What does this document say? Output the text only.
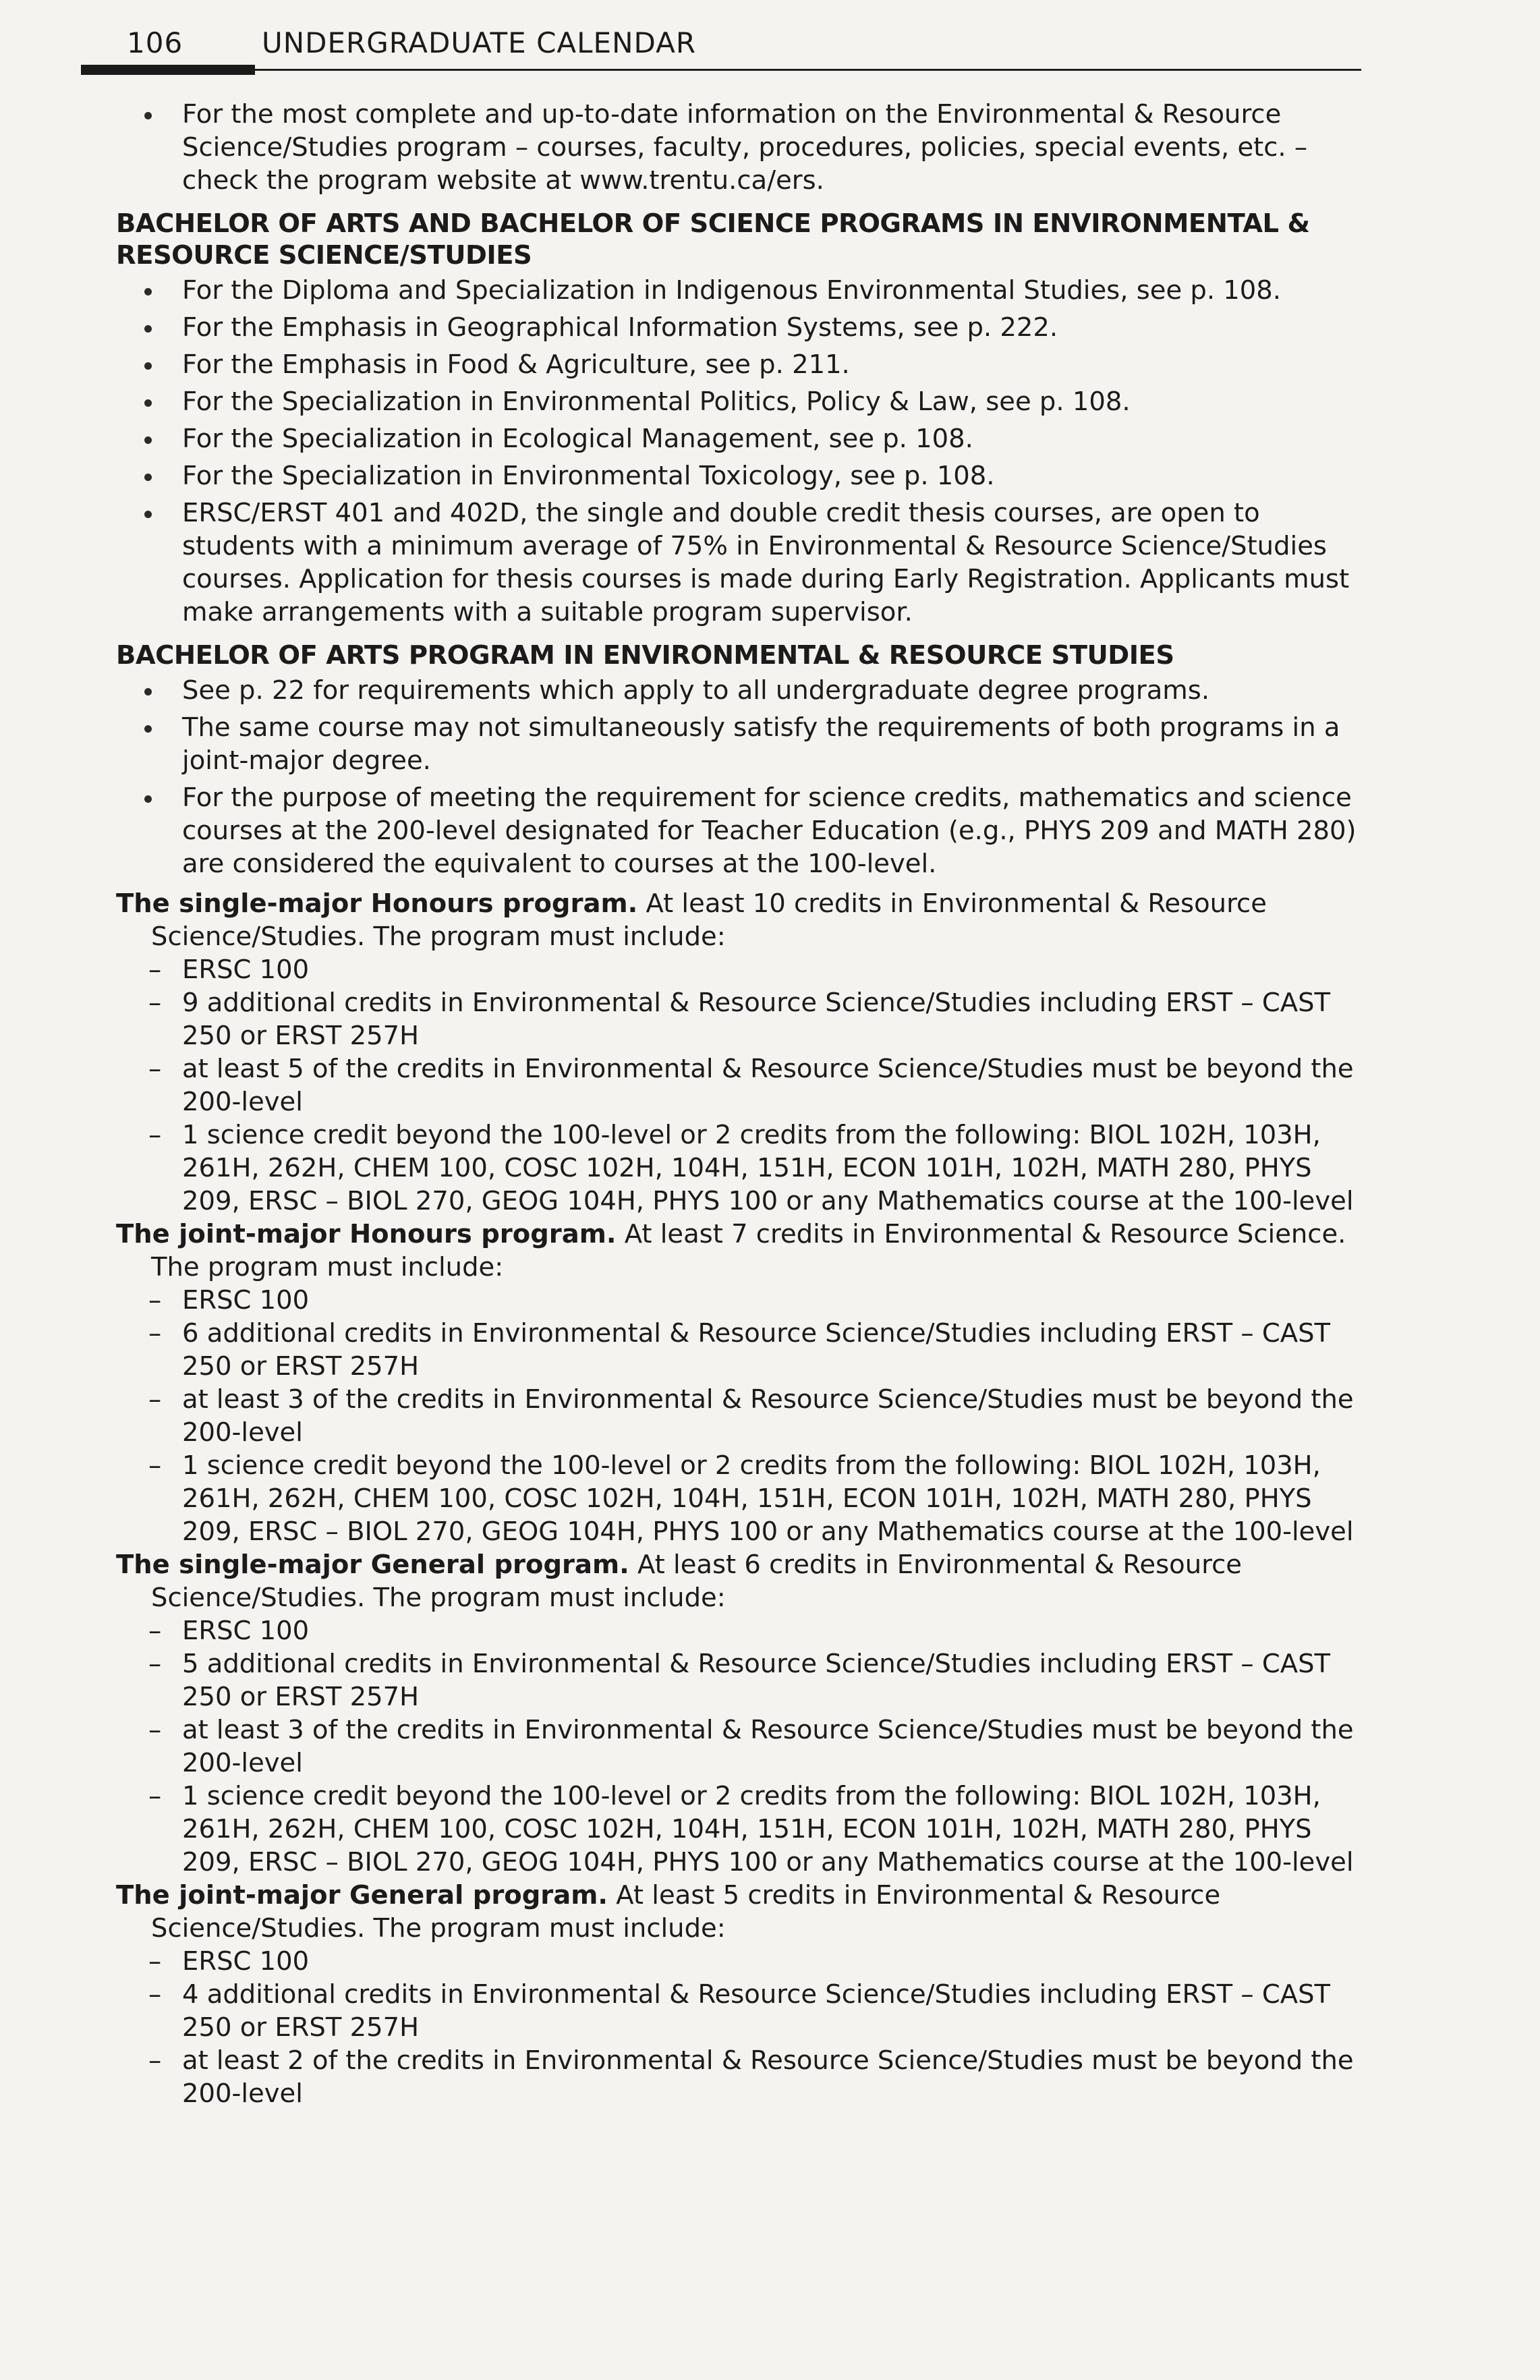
106	UNDERGRADUATE CALENDAR
For the most complete and up-to-date information on the Environmental & Resource Science/Studies program – courses, faculty, procedures, policies, special events, etc. – check the program website at www.trentu.ca/ers.
BACHELOR OF ARTS AND BACHELOR OF SCIENCE PROGRAMS IN ENVIRONMENTAL & RESOURCE SCIENCE/STUDIES
For the Diploma and Specialization in Indigenous Environmental Studies, see p. 108.
For the Emphasis in Geographical Information Systems, see p. 222.
For the Emphasis in Food & Agriculture, see p. 211.
For the Specialization in Environmental Politics, Policy & Law, see p. 108.
For the Specialization in Ecological Management, see p. 108.
For the Specialization in Environmental Toxicology, see p. 108.
ERSC/ERST 401 and 402D, the single and double credit thesis courses, are open to students with a minimum average of 75% in Environmental & Resource Science/Studies courses. Application for thesis courses is made during Early Registration. Applicants must make arrangements with a suitable program supervisor.
BACHELOR OF ARTS PROGRAM IN ENVIRONMENTAL & RESOURCE STUDIES
See p. 22 for requirements which apply to all undergraduate degree programs.
The same course may not simultaneously satisfy the requirements of both programs in a joint-major degree.
For the purpose of meeting the requirement for science credits, mathematics and science courses at the 200-level designated for Teacher Education (e.g., PHYS 209 and MATH 280) are considered the equivalent to courses at the 100-level.
The single-major Honours program. At least 10 credits in Environmental & Resource Science/Studies. The program must include:
– ERSC 100
– 9 additional credits in Environmental & Resource Science/Studies including ERST – CAST 250 or ERST 257H
– at least 5 of the credits in Environmental & Resource Science/Studies must be beyond the 200-level
– 1 science credit beyond the 100-level or 2 credits from the following: BIOL 102H, 103H, 261H, 262H, CHEM 100, COSC 102H, 104H, 151H, ECON 101H, 102H, MATH 280, PHYS 209, ERSC – BIOL 270, GEOG 104H, PHYS 100 or any Mathematics course at the 100-level
The joint-major Honours program. At least 7 credits in Environmental & Resource Science. The program must include:
– ERSC 100
– 6 additional credits in Environmental & Resource Science/Studies including ERST – CAST 250 or ERST 257H
– at least 3 of the credits in Environmental & Resource Science/Studies must be beyond the 200-level
– 1 science credit beyond the 100-level or 2 credits from the following: BIOL 102H, 103H, 261H, 262H, CHEM 100, COSC 102H, 104H, 151H, ECON 101H, 102H, MATH 280, PHYS 209, ERSC – BIOL 270, GEOG 104H, PHYS 100 or any Mathematics course at the 100-level
The single-major General program. At least 6 credits in Environmental & Resource Science/Studies. The program must include:
– ERSC 100
– 5 additional credits in Environmental & Resource Science/Studies including ERST – CAST 250 or ERST 257H
– at least 3 of the credits in Environmental & Resource Science/Studies must be beyond the 200-level
– 1 science credit beyond the 100-level or 2 credits from the following: BIOL 102H, 103H, 261H, 262H, CHEM 100, COSC 102H, 104H, 151H, ECON 101H, 102H, MATH 280, PHYS 209, ERSC – BIOL 270, GEOG 104H, PHYS 100 or any Mathematics course at the 100-level
The joint-major General program. At least 5 credits in Environmental & Resource Science/Studies. The program must include:
– ERSC 100
– 4 additional credits in Environmental & Resource Science/Studies including ERST – CAST 250 or ERST 257H
– at least 2 of the credits in Environmental & Resource Science/Studies must be beyond the 200-level
